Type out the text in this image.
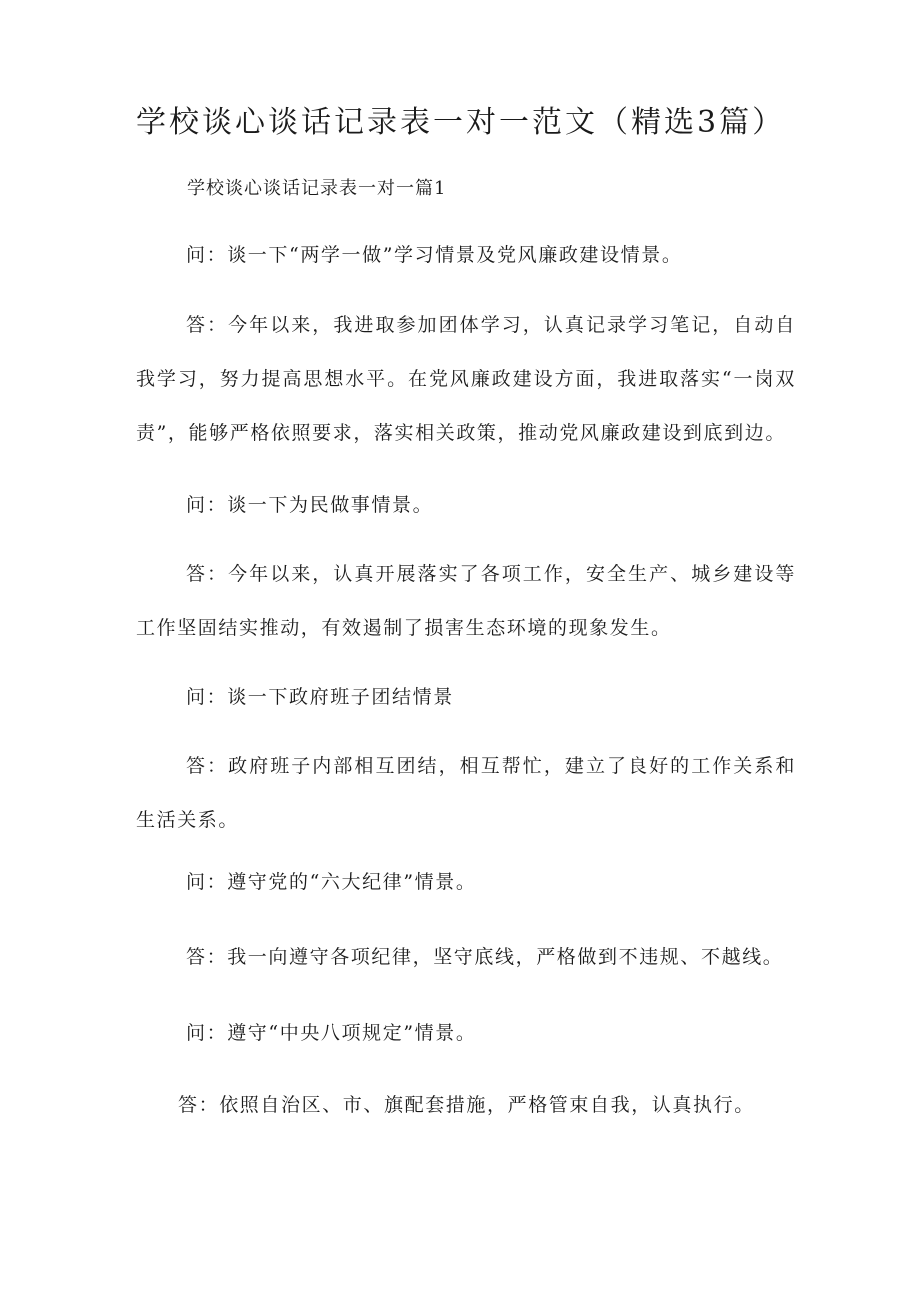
学校谈心谈话记录表一对一范文（精选3篇）
学校谈心谈话记录表一对一篇1

问：谈一下“两学一做”学习情景及党风廉政建设情景。

答：今年以来，我进取参加团体学习，认真记录学习笔记，自动自我学习，努力提高思想水平。在党风廉政建设方面，我进取落实“一岗双责”，能够严格依照要求，落实相关政策，推动党风廉政建设到底到边。

问：谈一下为民做事情景。

答：今年以来，认真开展落实了各项工作，安全生产、城乡建设等工作坚固结实推动，有效遏制了损害生态环境的现象发生。

问：谈一下政府班子团结情景

答：政府班子内部相互团结，相互帮忙，建立了良好的工作关系和生活关系。

问：遵守党的“六大纪律”情景。

答：我一向遵守各项纪律，坚守底线，严格做到不违规、不越线。

问：遵守“中央八项规定”情景。

答：依照自治区、市、旗配套措施，严格管束自我，认真执行。
